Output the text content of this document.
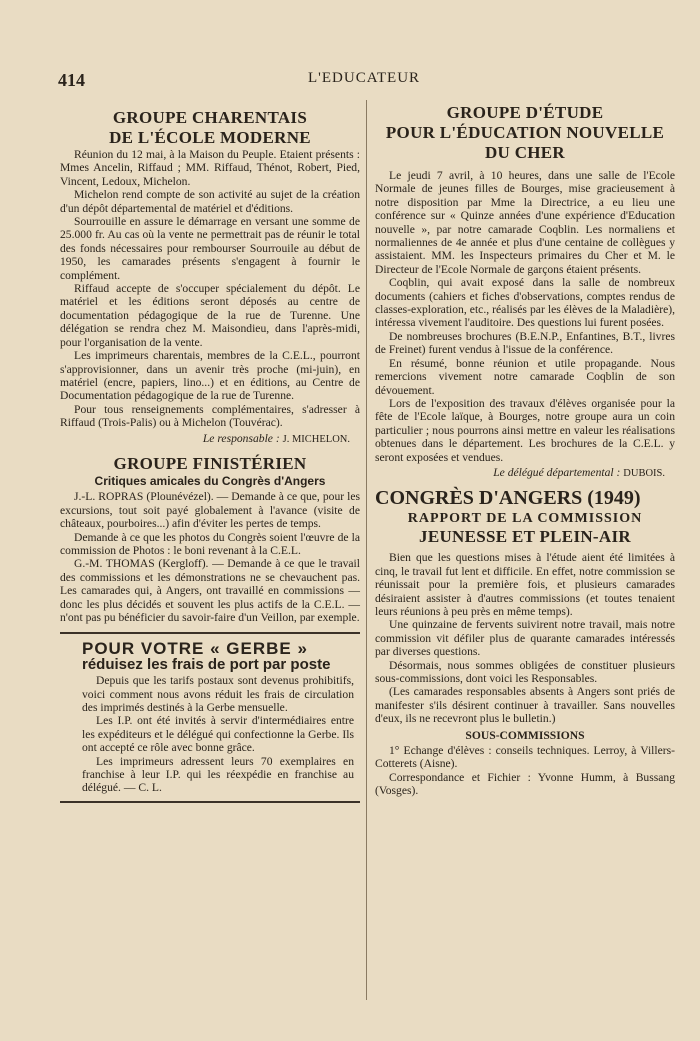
414	L'EDUCATEUR
GROUPE CHARENTAIS
DE L'ÉCOLE MODERNE

Réunion du 12 mai, à la Maison du Peuple. Etaient présents : Mmes Ancelin, Riffaud ; MM. Riffaud, Thénot, Robert, Pied, Vincent, Ledoux, Michelon.

Michelon rend compte de son activité au sujet de la création d'un dépôt départemental de matériel et d'éditions.

Sourrouille en assure le démarrage en versant une somme de 25.000 fr. Au cas où la vente ne permettrait pas de réunir le total des fonds nécessaires pour rembourser Sourrouile au début de 1950, les camarades présents s'engagent à fournir le complément.

Riffaud accepte de s'occuper spécialement du dépôt. Le matériel et les éditions seront déposés au centre de documentation pédagogique de la rue de Turenne. Une délégation se rendra chez M. Maisondieu, dans l'après-midi, pour l'organisation de la vente.

Les imprimeurs charentais, membres de la C.E.L., pourront s'approvisionner, dans un avenir très proche (mi-juin), en matériel (encre, papiers, lino...) et en éditions, au Centre de Documentation pédagogique de la rue de Turenne.

Pour tous renseignements complémentaires, s'adresser à Riffaud (Trois-Palis) ou à Michelon (Touvérac).

Le responsable : J. MICHELON.
GROUPE FINISTÉRIEN
Critiques amicales du Congrès d'Angers

J.-L. ROPRAS (Plounévézel). — Demande à ce que, pour les excursions, tout soit payé globalement à l'avance (visite de châteaux, pourboires...) afin d'éviter les pertes de temps.

Demande à ce que les photos du Congrès soient l'œuvre de la commission de Photos : le boni revenant à la C.E.L.

G.-M. THOMAS (Kergloff). — Demande à ce que le travail des commissions et les démonstrations ne se chevauchent pas. Les camarades qui, à Angers, ont travaillé en commissions — donc les plus décidés et souvent les plus actifs de la C.E.L. — n'ont pas pu bénéficier du savoir-faire d'un Veillon, par exemple.

POUR VOTRE « GERBE »
réduisez les frais de port par poste

Depuis que les tarifs postaux sont devenus prohibitifs, voici comment nous avons réduit les frais de circulation des imprimés destinés à la Gerbe mensuelle.

Les I.P. ont été invités à servir d'intermédiaires entre les expéditeurs et le délégué qui confectionne la Gerbe. Ils ont accepté ce rôle avec bonne grâce.

Les imprimeurs adressent leurs 70 exemplaires en franchise à leur I.P. qui les réexpédie en franchise au délégué. — C. L.

GROUPE D'ÉTUDE
POUR L'ÉDUCATION NOUVELLE
DU CHER

Le jeudi 7 avril, à 10 heures, dans une salle de l'Ecole Normale de jeunes filles de Bourges, mise gracieusement à notre disposition par Mme la Directrice, a eu lieu une conférence sur « Quinze années d'une expérience d'Education nouvelle », par notre camarade Coqblin. Les normaliens et normaliennes de 4e année et plus d'une centaine de collègues y assistaient. MM. les Inspecteurs primaires du Cher et M. le Directeur de l'Ecole Normale de garçons étaient présents.

Coqblin, qui avait exposé dans la salle de nombreux documents (cahiers et fiches d'observations, comptes rendus de classes-exploration, etc., réalisés par les élèves de la Maladière), intéressa vivement l'auditoire. Des questions lui furent posées.

De nombreuses brochures (B.E.N.P., Enfantines, B.T., livres de Freinet) furent vendus à l'issue de la conférence.

En résumé, bonne réunion et utile propagande. Nous remercions vivement notre camarade Coqblin de son dévouement.

Lors de l'exposition des travaux d'élèves organisée pour la fête de l'Ecole laïque, à Bourges, notre groupe aura un coin particulier ; nous pourrons ainsi mettre en valeur les réalisations obtenues dans le département. Les brochures de la C.E.L. y seront exposées et vendues.

Le délégué départemental : DUBOIS.
CONGRÈS D'ANGERS (1949)
RAPPORT DE LA COMMISSION
JEUNESSE ET PLEIN-AIR

Bien que les questions mises à l'étude aient été limitées à cinq, le travail fut lent et difficile. En effet, notre commission se réunissait pour la première fois, et plusieurs camarades désiraient assister à d'autres commissions (et toutes tenaient leurs réunions à peu près en même temps).

Une quinzaine de fervents suivirent notre travail, mais notre commission vit défiler plus de quarante camarades intéressés par diverses questions.

Désormais, nous sommes obligées de constituer plusieurs sous-commissions, dont voici les Responsables.

(Les camarades responsables absents à Angers sont priés de manifester s'ils désirent continuer à travailler. Sans nouvelles d'eux, ils ne recevront plus le bulletin.)

SOUS-COMMISSIONS

1° Echange d'élèves : conseils techniques. Lerroy, à Villers-Cotterets (Aisne).

Correspondance et Fichier : Yvonne Humm, à Bussang (Vosges).
